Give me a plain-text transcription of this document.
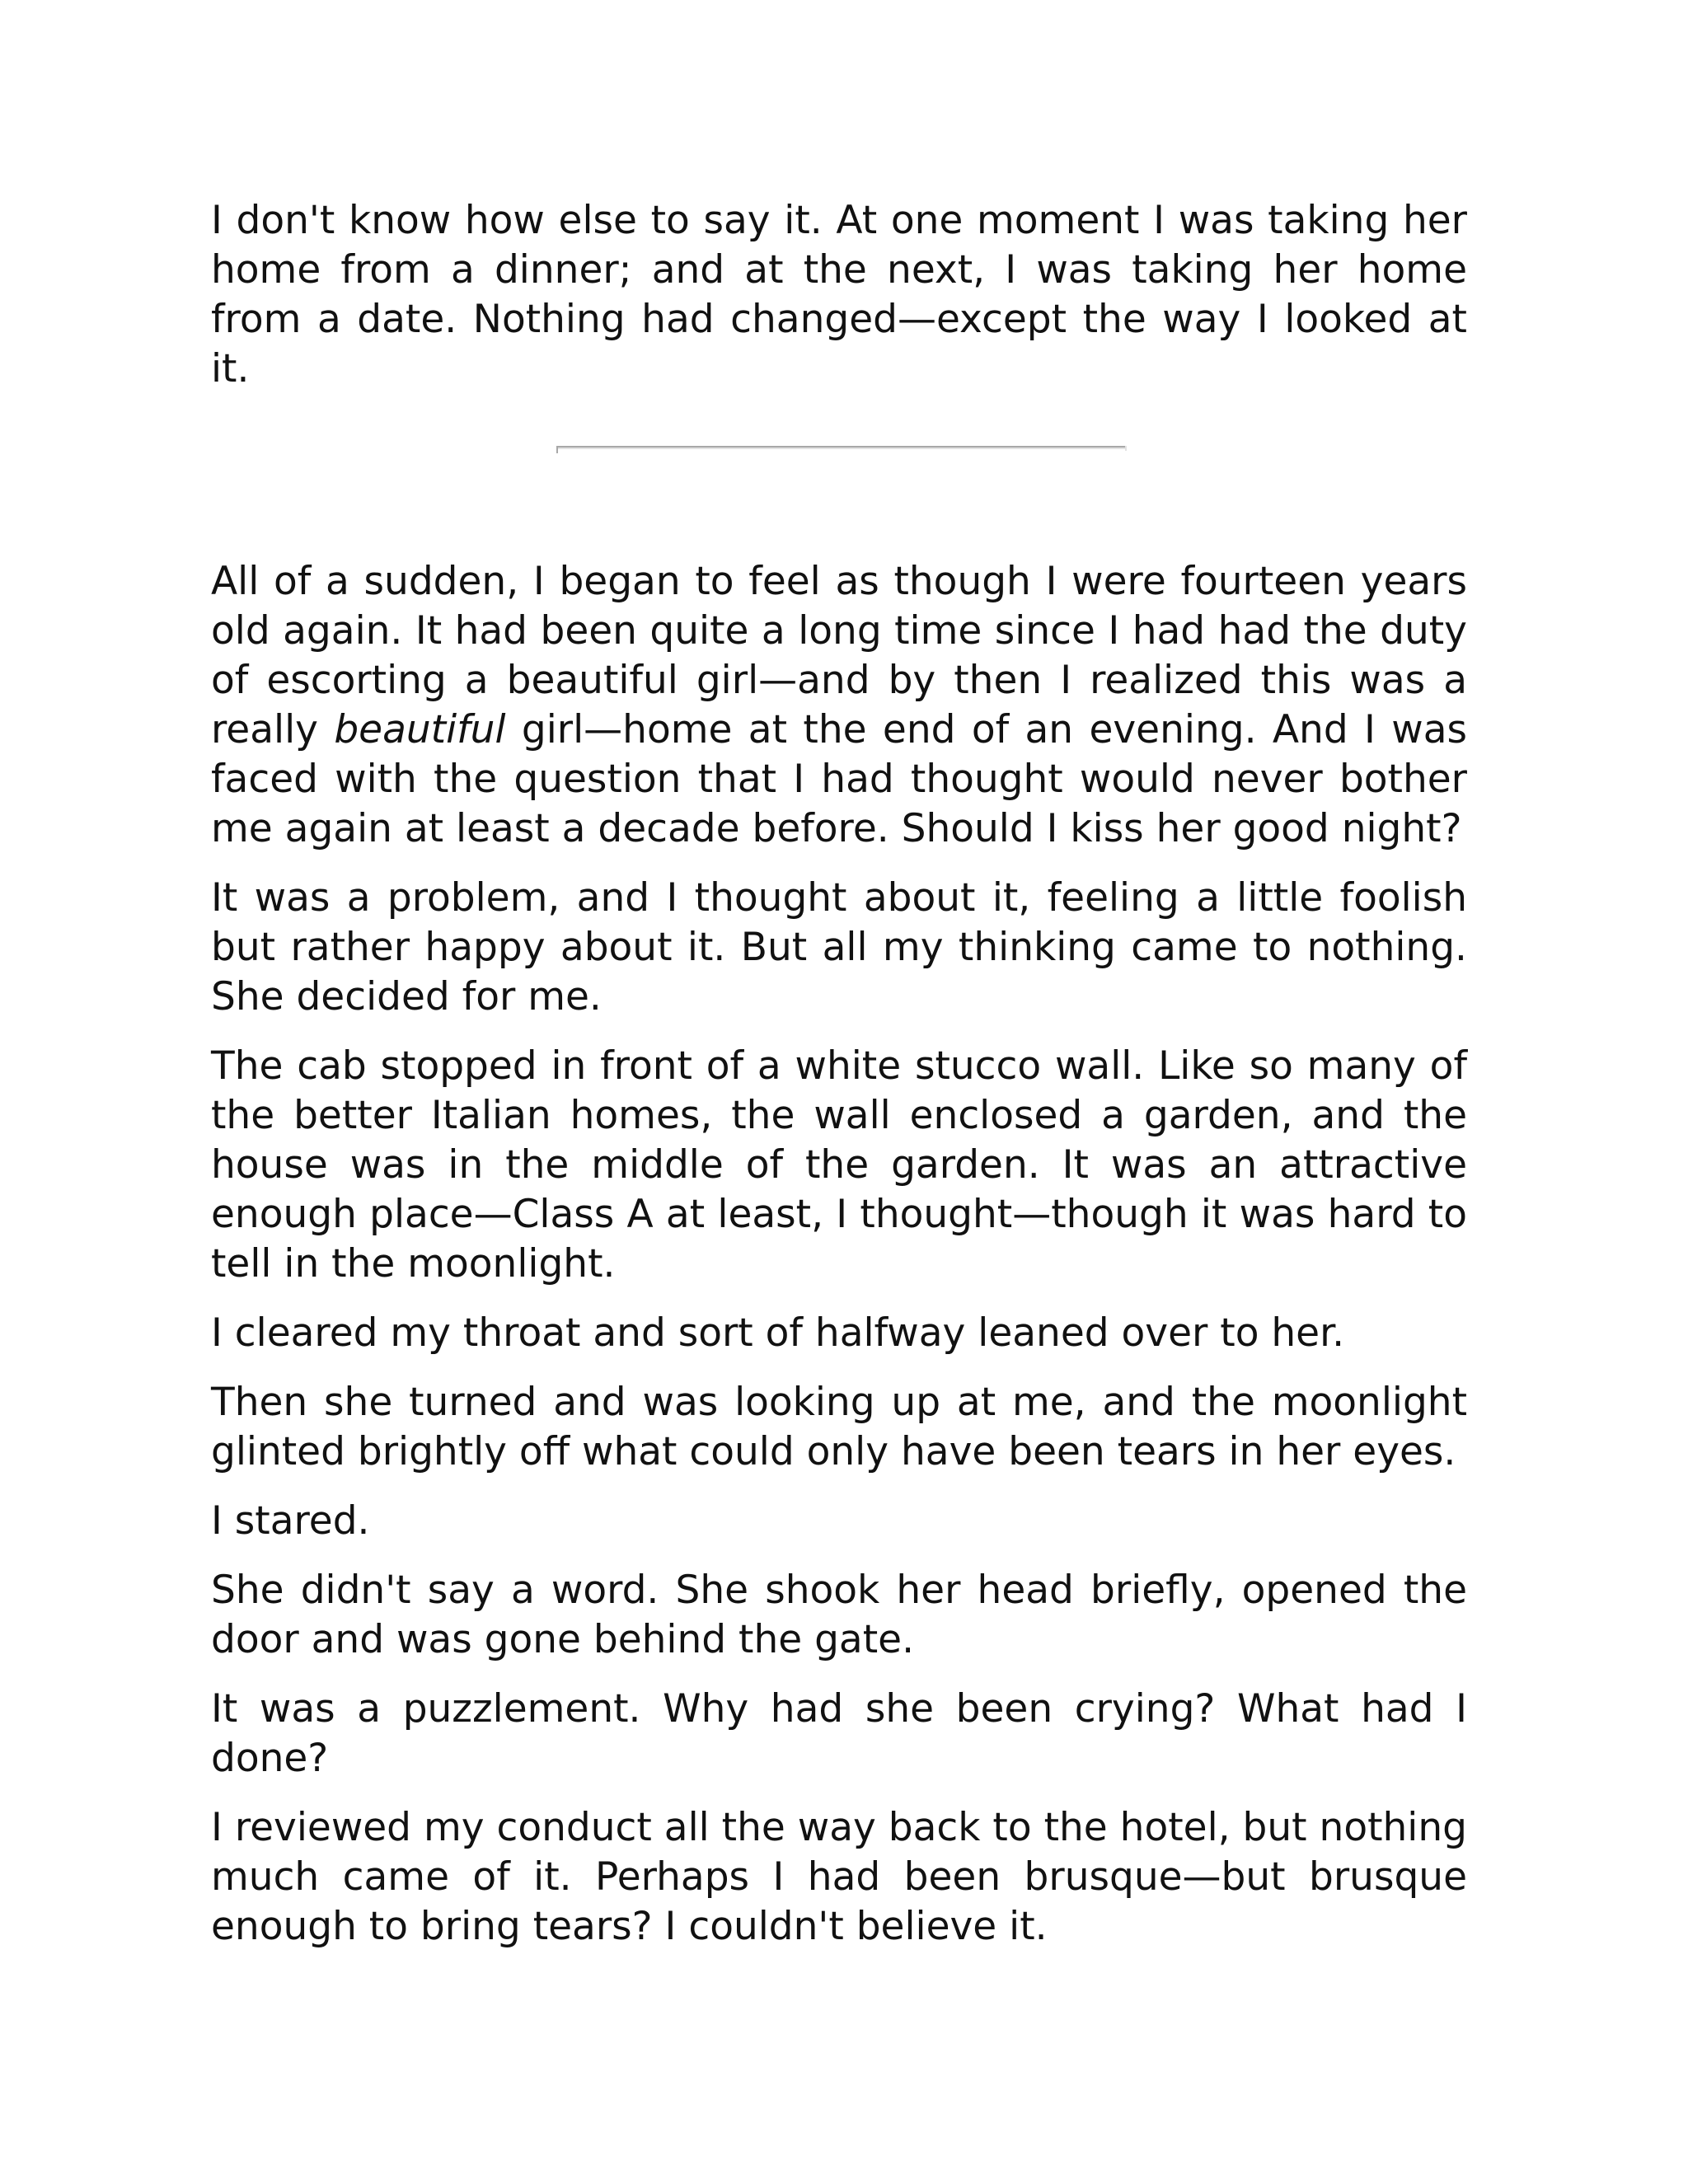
I don't know how else to say it. At one moment I was taking her home from a dinner; and at the next, I was taking her home from a date. Nothing had changed—except the way I looked at it.

All of a sudden, I began to feel as though I were fourteen years old again. It had been quite a long time since I had had the duty of escorting a beautiful girl—and by then I realized this was a really beautiful girl—home at the end of an evening. And I was faced with the question that I had thought would never bother me again at least a decade before. Should I kiss her good night?

It was a problem, and I thought about it, feeling a little foolish but rather happy about it. But all my thinking came to nothing. She decided for me.

The cab stopped in front of a white stucco wall. Like so many of the better Italian homes, the wall enclosed a garden, and the house was in the middle of the garden. It was an attractive enough place—Class A at least, I thought—though it was hard to tell in the moonlight.

I cleared my throat and sort of halfway leaned over to her.

Then she turned and was looking up at me, and the moonlight glinted brightly off what could only have been tears in her eyes.

I stared.

She didn't say a word. She shook her head briefly, opened the door and was gone behind the gate.

It was a puzzlement. Why had she been crying? What had I done?

I reviewed my conduct all the way back to the hotel, but nothing much came of it. Perhaps I had been brusque—but brusque enough to bring tears? I couldn't believe it.
